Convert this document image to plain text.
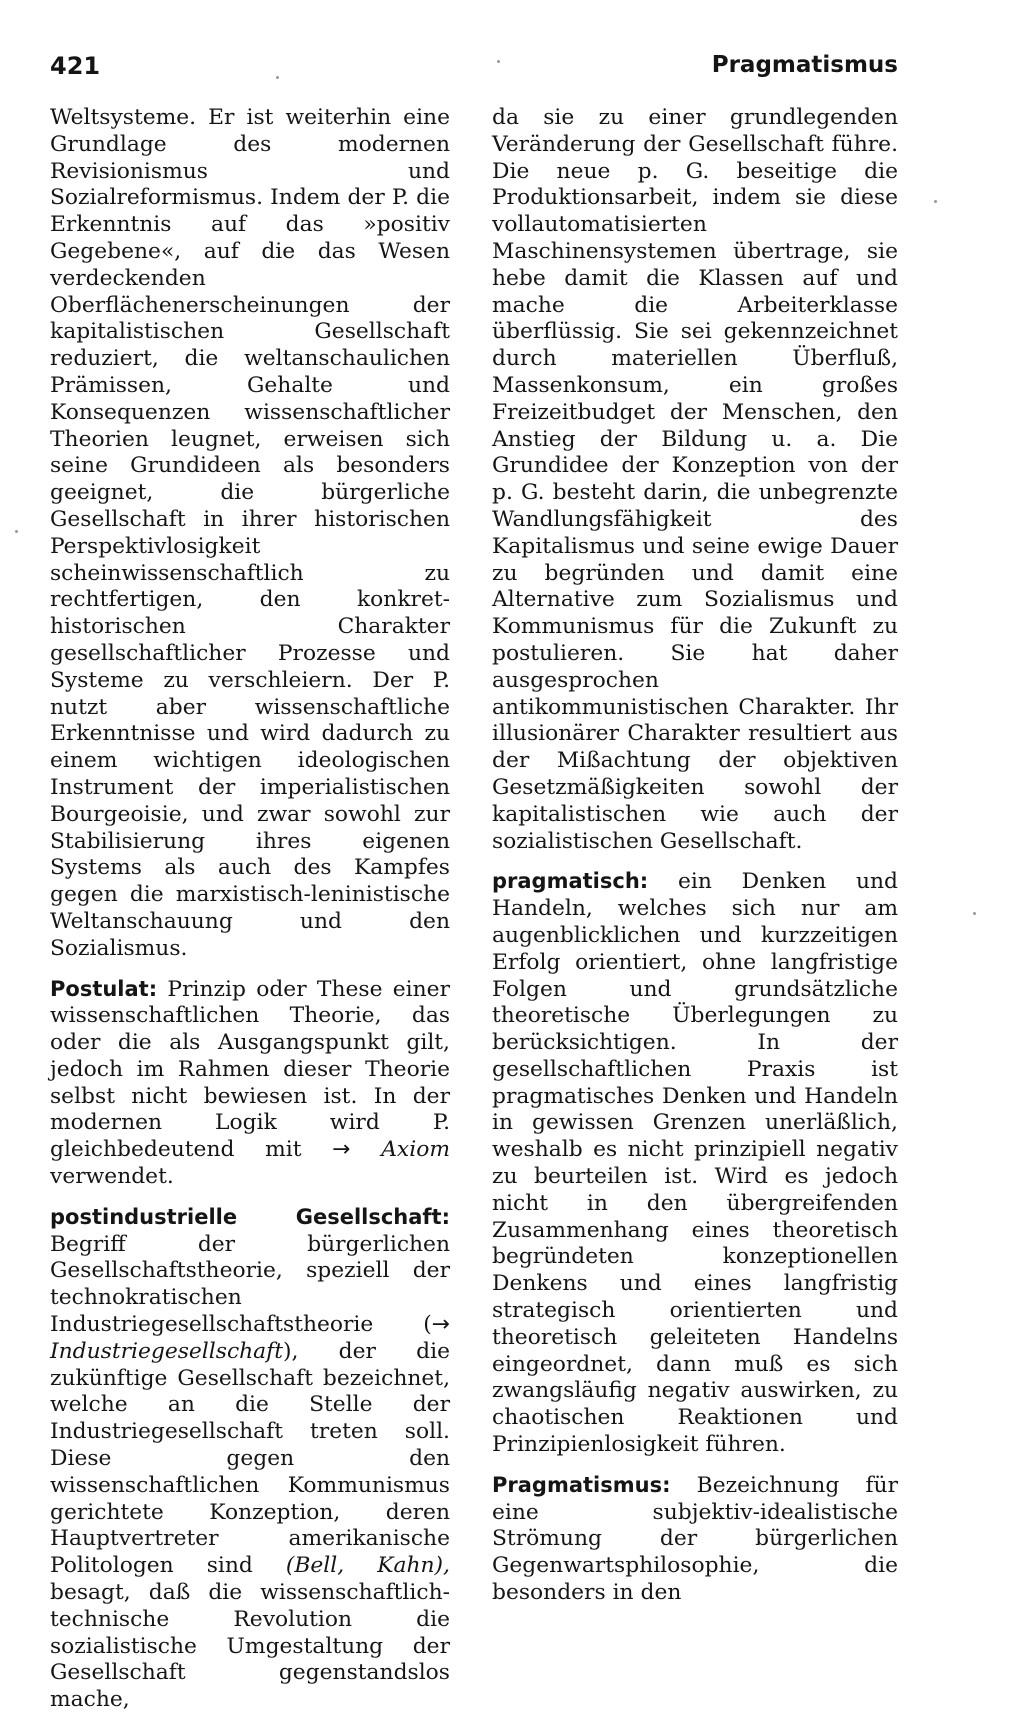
421	Pragmatismus

Weltsysteme. Er ist weiterhin eine Grundlage des modernen Revisionismus und Sozialreformismus. Indem der P. die Erkenntnis auf das »positiv Gegebene«, auf die das Wesen verdeckenden Oberflächenerscheinungen der kapitalistischen Gesellschaft reduziert, die weltanschaulichen Prämissen, Gehalte und Konsequenzen wissenschaftlicher Theorien leugnet, erweisen sich seine Grundideen als besonders geeignet, die bürgerliche Gesellschaft in ihrer historischen Perspektivlosigkeit scheinwissenschaftlich zu rechtfertigen, den konkret-historischen Charakter gesellschaftlicher Prozesse und Systeme zu verschleiern. Der P. nutzt aber wissenschaftliche Erkenntnisse und wird dadurch zu einem wichtigen ideologischen Instrument der imperialistischen Bourgeoisie, und zwar sowohl zur Stabilisierung ihres eigenen Systems als auch des Kampfes gegen die marxistisch-leninistische Weltanschauung und den Sozialismus.

Postulat: Prinzip oder These einer wissenschaftlichen Theorie, das oder die als Ausgangspunkt gilt, jedoch im Rahmen dieser Theorie selbst nicht bewiesen ist. In der modernen Logik wird P. gleichbedeutend mit → Axiom verwendet.

postindustrielle Gesellschaft: Begriff der bürgerlichen Gesellschaftstheorie, speziell der technokratischen Industriegesellschaftstheorie (→ Industriegesellschaft), der die zukünftige Gesellschaft bezeichnet, welche an die Stelle der Industriegesellschaft treten soll. Diese gegen den wissenschaftlichen Kommunismus gerichtete Konzeption, deren Hauptvertreter amerikanische Politologen sind (Bell, Kahn), besagt, daß die wissenschaftlich-technische Revolution die sozialistische Umgestaltung der Gesellschaft gegenstandslos mache,

da sie zu einer grundlegenden Veränderung der Gesellschaft führe. Die neue p. G. beseitige die Produktionsarbeit, indem sie diese vollautomatisierten Maschinensystemen übertrage, sie hebe damit die Klassen auf und mache die Arbeiterklasse überflüssig. Sie sei gekennzeichnet durch materiellen Überfluß, Massenkonsum, ein großes Freizeitbudget der Menschen, den Anstieg der Bildung u. a. Die Grundidee der Konzeption von der p. G. besteht darin, die unbegrenzte Wandlungsfähigkeit des Kapitalismus und seine ewige Dauer zu begründen und damit eine Alternative zum Sozialismus und Kommunismus für die Zukunft zu postulieren. Sie hat daher ausgesprochen antikommunistischen Charakter. Ihr illusionärer Charakter resultiert aus der Mißachtung der objektiven Gesetzmäßigkeiten sowohl der kapitalistischen wie auch der sozialistischen Gesellschaft.

pragmatisch: ein Denken und Handeln, welches sich nur am augenblicklichen und kurzzeitigen Erfolg orientiert, ohne langfristige Folgen und grundsätzliche theoretische Überlegungen zu berücksichtigen. In der gesellschaftlichen Praxis ist pragmatisches Denken und Handeln in gewissen Grenzen unerläßlich, weshalb es nicht prinzipiell negativ zu beurteilen ist. Wird es jedoch nicht in den übergreifenden Zusammenhang eines theoretisch begründeten konzeptionellen Denkens und eines langfristig strategisch orientierten und theoretisch geleiteten Handelns eingeordnet, dann muß es sich zwangsläufig negativ auswirken, zu chaotischen Reaktionen und Prinzipienlosigkeit führen.

Pragmatismus: Bezeichnung für eine subjektiv-idealistische Strömung der bürgerlichen Gegenwartsphilosophie, die besonders in den
